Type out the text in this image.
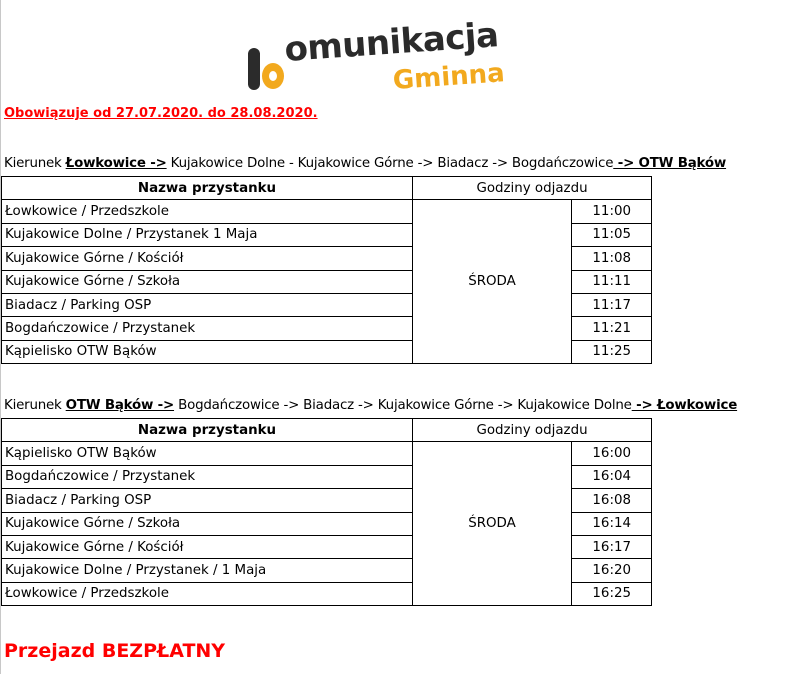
omunikacja
Gminna
Obowiązuje od 27.07.2020. do 28.08.2020.
Kierunek Łowkowice -> Kujakowice Dolne - Kujakowice Górne -> Biadacz -> Bogdańczowice -> OTW Bąków
Nazwa przystanku	Godziny odjazdu	
Łowkowice / Przedszkole	ŚRODA	11:00
Kujakowice Dolne / Przystanek 1 Maja		11:05
Kujakowice Górne / Kościół		11:08
Kujakowice Górne / Szkoła		11:11
Biadacz / Parking OSP		11:17
Bogdańczowice / Przystanek		11:21
Kąpielisko OTW Bąków		11:25
Kierunek OTW Bąków -> Bogdańczowice -> Biadacz -> Kujakowice Górne -> Kujakowice Dolne -> Łowkowice
Nazwa przystanku	Godziny odjazdu	
Kąpielisko OTW Bąków	ŚRODA	16:00
Bogdańczowice / Przystanek		16:04
Biadacz / Parking OSP		16:08
Kujakowice Górne / Szkoła		16:14
Kujakowice Górne / Kościół		16:17
Kujakowice Dolne / Przystanek / 1 Maja		16:20
Łowkowice / Przedszkole		16:25
Przejazd BEZPŁATNY
